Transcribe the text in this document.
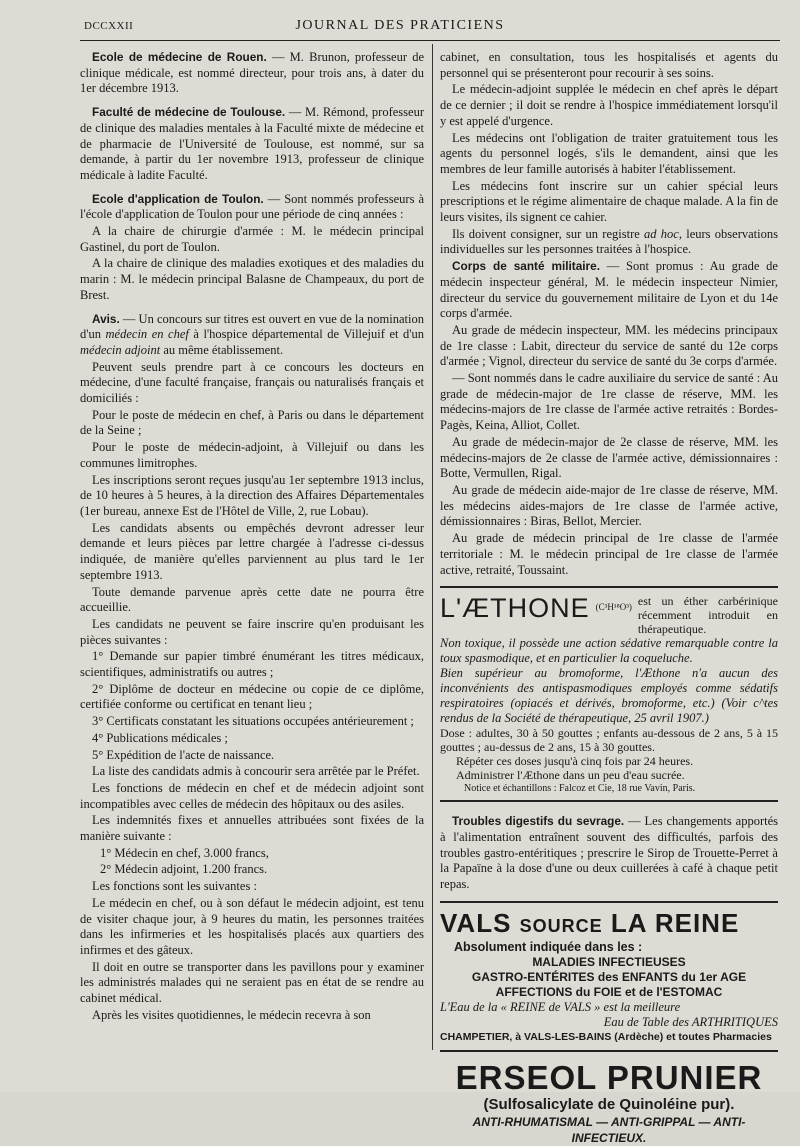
DCCXXII	JOURNAL DES PRATICIENS

Ecole de médecine de Rouen. — M. Brunon, professeur de clinique médicale, est nommé directeur, pour trois ans, à dater du 1er décembre 1913.

Faculté de médecine de Toulouse. — M. Rémond, professeur de clinique des maladies mentales à la Faculté mixte de médecine et de pharmacie de l'Université de Toulouse, est nommé, sur sa demande, à partir du 1er novembre 1913, professeur de clinique médicale à ladite Faculté.

Ecole d'application de Toulon. — Sont nommés professeurs à l'école d'application de Toulon pour une période de cinq années :

A la chaire de chirurgie d'armée : M. le médecin principal Gastinel, du port de Toulon.

A la chaire de clinique des maladies exotiques et des maladies du marin : M. le médecin principal Balasne de Champeaux, du port de Brest.

Avis. — Un concours sur titres est ouvert en vue de la nomination d'un médecin en chef à l'hospice départemental de Villejuif et d'un médecin adjoint au même établissement.

Peuvent seuls prendre part à ce concours les docteurs en médecine, d'une faculté française, français ou naturalisés français et domiciliés :

Pour le poste de médecin en chef, à Paris ou dans le département de la Seine ;

Pour le poste de médecin-adjoint, à Villejuif ou dans les communes limitrophes.

Les inscriptions seront reçues jusqu'au 1er septembre 1913 inclus, de 10 heures à 5 heures, à la direction des Affaires Départementales (1er bureau, annexe Est de l'Hôtel de Ville, 2, rue Lobau).

Les candidats absents ou empêchés devront adresser leur demande et leurs pièces par lettre chargée à l'adresse ci-dessus indiquée, de manière qu'elles parviennent au plus tard le 1er septembre 1913.

Toute demande parvenue après cette date ne pourra être accueillie.

Les candidats ne peuvent se faire inscrire qu'en produisant les pièces suivantes :

1° Demande sur papier timbré énumérant les titres médicaux, scientifiques, administratifs ou autres ;

2° Diplôme de docteur en médecine ou copie de ce diplôme, certifiée conforme ou certificat en tenant lieu ;

3° Certificats constatant les situations occupées antérieurement ;

4° Publications médicales ;

5° Expédition de l'acte de naissance.

La liste des candidats admis à concourir sera arrêtée par le Préfet.

Les fonctions de médecin en chef et de médecin adjoint sont incompatibles avec celles de médecin des hôpitaux ou des asiles.

Les indemnités fixes et annuelles attribuées sont fixées de la manière suivante :

1° Médecin en chef, 3.000 francs,

2° Médecin adjoint, 1.200 francs.

Les fonctions sont les suivantes :

Le médecin en chef, ou à son défaut le médecin adjoint, est tenu de visiter chaque jour, à 9 heures du matin, les personnes traitées dans les infirmeries et les hospitalisés placés aux quartiers des infirmes et des gâteux.

Il doit en outre se transporter dans les pavillons pour y examiner les administrés malades qui ne seraient pas en état de se rendre au cabinet médical.

Après les visites quotidiennes, le médecin recevra à son

cabinet, en consultation, tous les hospitalisés et agents du personnel qui se présenteront pour recourir à ses soins.

Le médecin-adjoint supplée le médecin en chef après le départ de ce dernier ; il doit se rendre à l'hospice immédiatement lorsqu'il y est appelé d'urgence.

Les médecins ont l'obligation de traiter gratuitement tous les agents du personnel logés, s'ils le demandent, ainsi que les membres de leur famille autorisés à habiter l'établissement.

Les médecins font inscrire sur un cahier spécial leurs prescriptions et le régime alimentaire de chaque malade. A la fin de leurs visites, ils signent ce cahier.

Ils doivent consigner, sur un registre ad hoc, leurs observations individuelles sur les personnes traitées à l'hospice.

Corps de santé militaire. — Sont promus : Au grade de médecin inspecteur général, M. le médecin inspecteur Nimier, directeur du service du gouvernement militaire de Lyon et du 14e corps d'armée.

Au grade de médecin inspecteur, MM. les médecins principaux de 1re classe : Labit, directeur du service de santé du 12e corps d'armée ; Vignol, directeur du service de santé du 3e corps d'armée.

— Sont nommés dans le cadre auxiliaire du service de santé : Au grade de médecin-major de 1re classe de réserve, MM. les médecins-majors de 1re classe de l'armée active retraités : Bordes-Pagès, Keina, Alliot, Collet.

Au grade de médecin-major de 2e classe de réserve, MM. les médecins-majors de 2e classe de l'armée active, démissionnaires : Botte, Vermullen, Rigal.

Au grade de médecin aide-major de 1re classe de réserve, MM. les médecins aides-majors de 1re classe de l'armée active, démissionnaires : Biras, Bellot, Mercier.

Au grade de médecin principal de 1re classe de l'armée territoriale : M. le médecin principal de 1re classe de l'armée active, retraité, Toussaint.

L'ÆTHONE (C³H¹⁸O³) est un éther carbérinique récemment introduit en thérapeutique.
Non toxique, il possède une action sédative remarquable contre la toux spasmodique, et en particulier la coqueluche.
Bien supérieur au bromoforme, l'Æthone n'a aucun des inconvénients des antispasmodiques employés comme sédatifs respiratoires (opiacés et dérivés, bromoforme, etc.) (Voir c^tes rendus de la Société de thérapeutique, 25 avril 1907.)
Dose : adultes, 30 à 50 gouttes ; enfants au-dessous de 2 ans, 5 à 15 gouttes ; au-dessus de 2 ans, 15 à 30 gouttes.
Répéter ces doses jusqu'à cinq fois par 24 heures.
Administrer l'Æthone dans un peu d'eau sucrée.
Notice et échantillons : Falcoz et Cie, 18 rue Vavin, Paris.

Troubles digestifs du sevrage. — Les changements apportés à l'alimentation entraînent souvent des difficultés, parfois des troubles gastro-entéritiques ; prescrire le Sirop de Trouette-Perret à la Papaïne à la dose d'une ou deux cuillerées à café à chaque petit repas.

VALS SOURCE LA REINE
Absolument indiquée dans les :
MALADIES INFECTIEUSES
GASTRO-ENTÉRITES des ENFANTS du 1er AGE
AFFECTIONS du FOIE et de l'ESTOMAC
L'Eau de la « REINE de VALS » est la meilleure
Eau de Table des ARTHRITIQUES
CHAMPETIER, à VALS-LES-BAINS (Ardèche) et toutes Pharmacies
ERSEOL PRUNIER
(Sulfosalicylate de Quinoléine pur).
ANTI-RHUMATISMAL — ANTI-GRIPPAL — ANTI-INFECTIEUX.
